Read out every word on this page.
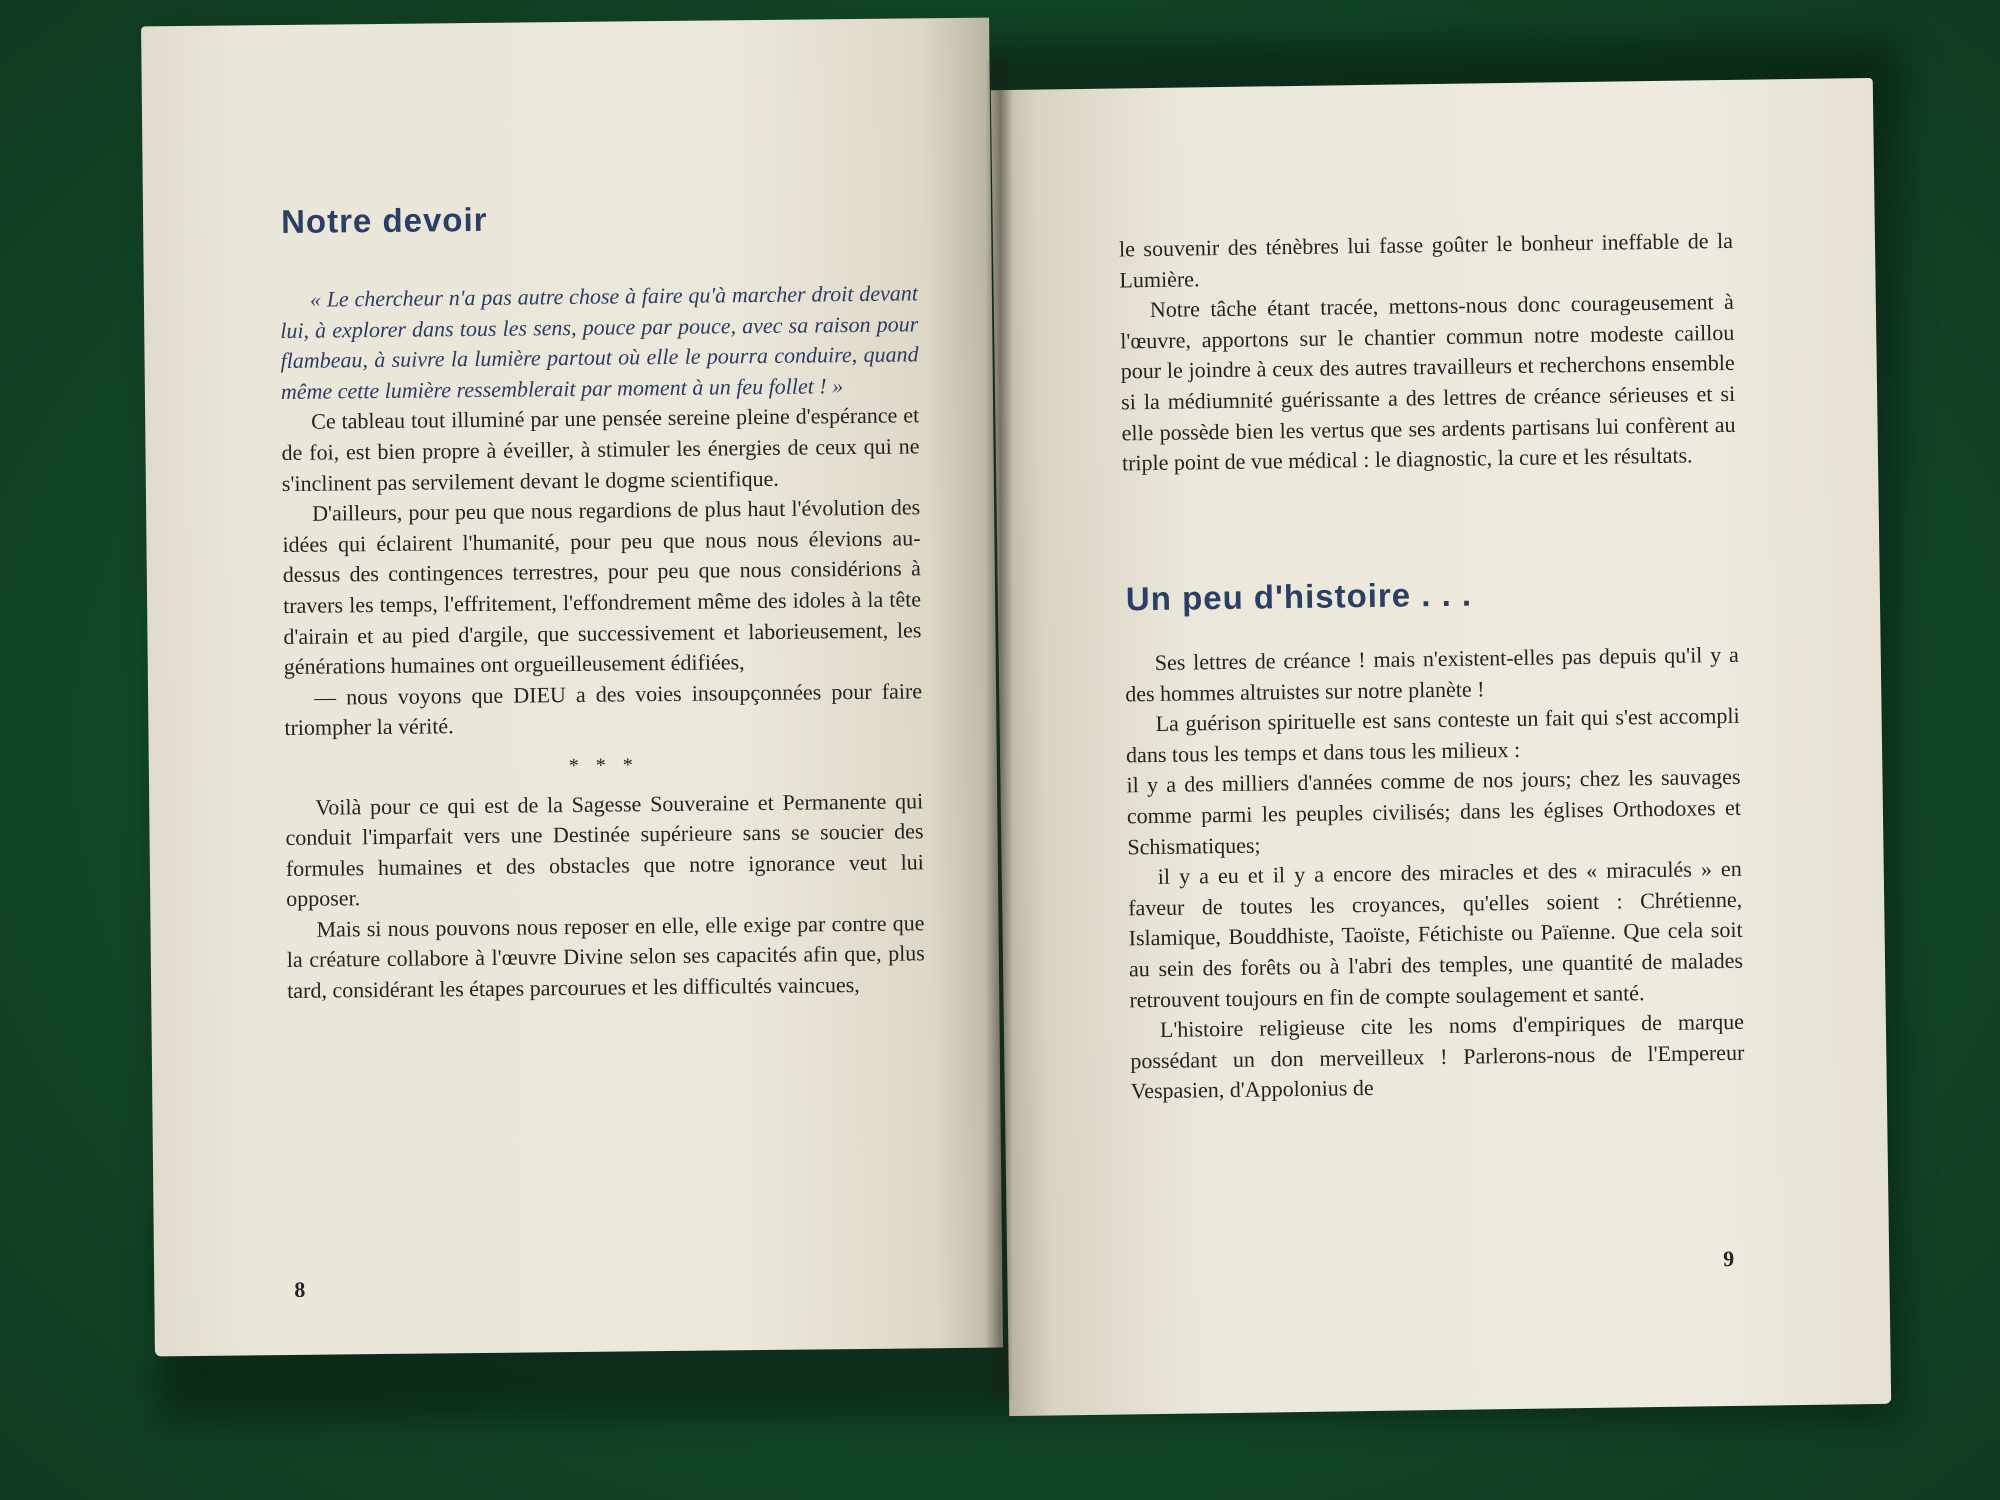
Notre devoir

« Le chercheur n'a pas autre chose à faire qu'à marcher droit devant lui, à explorer dans tous les sens, pouce par pouce, avec sa raison pour flambeau, à suivre la lumière partout où elle le pourra conduire, quand même cette lumière ressemblerait par moment à un feu follet ! »

Ce tableau tout illuminé par une pensée sereine pleine d'espérance et de foi, est bien propre à éveiller, à stimuler les énergies de ceux qui ne s'inclinent pas servilement devant le dogme scientifique.

D'ailleurs, pour peu que nous regardions de plus haut l'évolution des idées qui éclairent l'humanité, pour peu que nous nous élevions au-dessus des contingences terrestres, pour peu que nous considérions à travers les temps, l'effritement, l'effondrement même des idoles à la tête d'airain et au pied d'argile, que successivement et laborieusement, les générations humaines ont orgueilleusement édifiées,

— nous voyons que DIEU a des voies insoupçonnées pour faire triompher la vérité.

* * *

Voilà pour ce qui est de la Sagesse Souveraine et Permanente qui conduit l'imparfait vers une Destinée supérieure sans se soucier des formules humaines et des obstacles que notre ignorance veut lui opposer.

Mais si nous pouvons nous reposer en elle, elle exige par contre que la créature collabore à l'œuvre Divine selon ses capacités afin que, plus tard, considérant les étapes parcourues et les difficultés vaincues,

8

le souvenir des ténèbres lui fasse goûter le bonheur ineffable de la Lumière.

Notre tâche étant tracée, mettons-nous donc courageusement à l'œuvre, apportons sur le chantier commun notre modeste caillou pour le joindre à ceux des autres travailleurs et recherchons ensemble si la médiumnité guérissante a des lettres de créance sérieuses et si elle possède bien les vertus que ses ardents partisans lui confèrent au triple point de vue médical : le diagnostic, la cure et les résultats.

Un peu d'histoire . . .

Ses lettres de créance ! mais n'existent-elles pas depuis qu'il y a des hommes altruistes sur notre planète !

La guérison spirituelle est sans conteste un fait qui s'est accompli dans tous les temps et dans tous les milieux :

il y a des milliers d'années comme de nos jours; chez les sauvages comme parmi les peuples civilisés; dans les églises Orthodoxes et Schismatiques;

il y a eu et il y a encore des miracles et des « miraculés » en faveur de toutes les croyances, qu'elles soient : Chrétienne, Islamique, Bouddhiste, Taoïste, Fétichiste ou Païenne. Que cela soit au sein des forêts ou à l'abri des temples, une quantité de malades retrouvent toujours en fin de compte soulagement et santé.

L'histoire religieuse cite les noms d'empiriques de marque possédant un don merveilleux ! Parlerons-nous de l'Empereur Vespasien, d'Appolonius de

9
